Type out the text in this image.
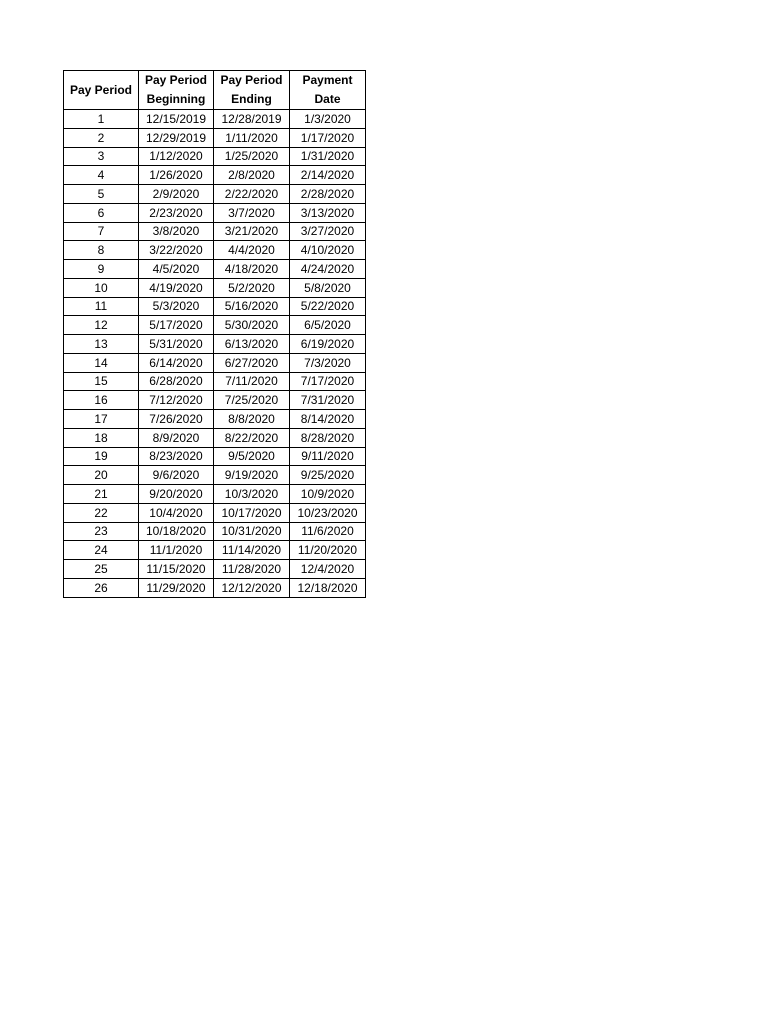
Pay Period	Pay Period Beginning	Pay Period Ending	Payment Date
1	12/15/2019	12/28/2019	1/3/2020
2	12/29/2019	1/11/2020	1/17/2020
3	1/12/2020	1/25/2020	1/31/2020
4	1/26/2020	2/8/2020	2/14/2020
5	2/9/2020	2/22/2020	2/28/2020
6	2/23/2020	3/7/2020	3/13/2020
7	3/8/2020	3/21/2020	3/27/2020
8	3/22/2020	4/4/2020	4/10/2020
9	4/5/2020	4/18/2020	4/24/2020
10	4/19/2020	5/2/2020	5/8/2020
11	5/3/2020	5/16/2020	5/22/2020
12	5/17/2020	5/30/2020	6/5/2020
13	5/31/2020	6/13/2020	6/19/2020
14	6/14/2020	6/27/2020	7/3/2020
15	6/28/2020	7/11/2020	7/17/2020
16	7/12/2020	7/25/2020	7/31/2020
17	7/26/2020	8/8/2020	8/14/2020
18	8/9/2020	8/22/2020	8/28/2020
19	8/23/2020	9/5/2020	9/11/2020
20	9/6/2020	9/19/2020	9/25/2020
21	9/20/2020	10/3/2020	10/9/2020
22	10/4/2020	10/17/2020	10/23/2020
23	10/18/2020	10/31/2020	11/6/2020
24	11/1/2020	11/14/2020	11/20/2020
25	11/15/2020	11/28/2020	12/4/2020
26	11/29/2020	12/12/2020	12/18/2020
